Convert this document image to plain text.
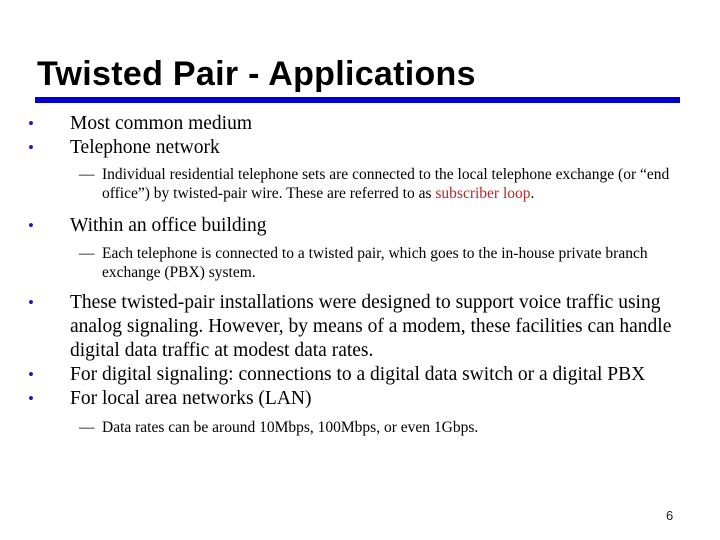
Twisted Pair - Applications
• Most common medium
• Telephone network
— Individual residential telephone sets are connected to the local telephone exchange (or “end office”) by twisted-pair wire. These are referred to as subscriber loop.
• Within an office building
— Each telephone is connected to a twisted pair, which goes to the in-house private branch exchange (PBX) system.
• These twisted-pair installations were designed to support voice traffic using analog signaling. However, by means of a modem, these facilities can handle digital data traffic at modest data rates.
• For digital signaling: connections to a digital data switch or a digital PBX
• For local area networks (LAN)
— Data rates can be around 10Mbps, 100Mbps, or even 1Gbps.
6
